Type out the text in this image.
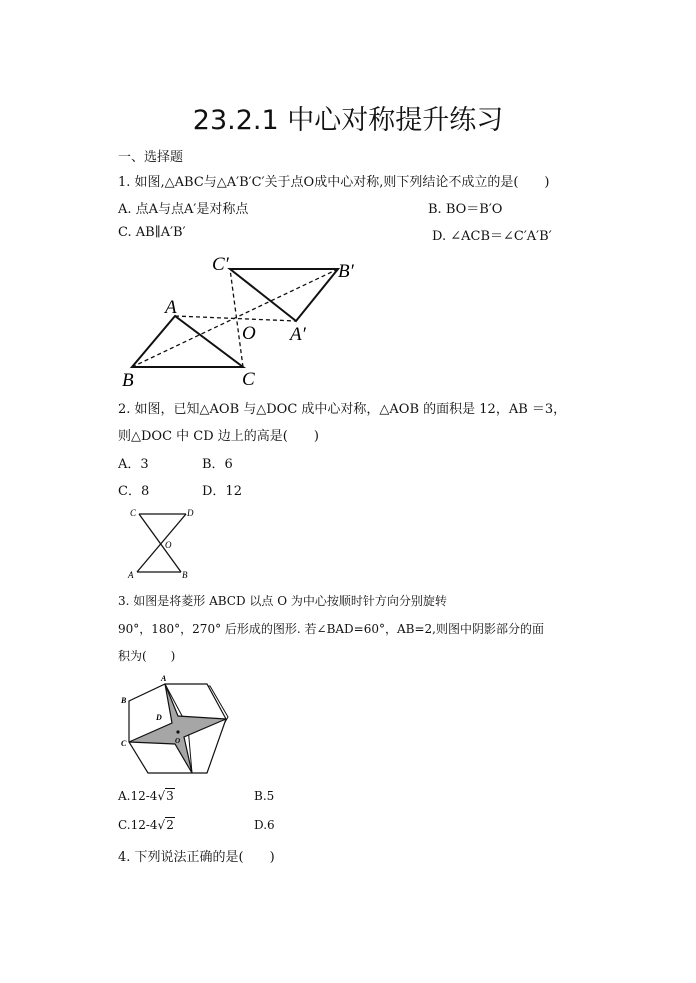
23.2.1 中心对称提升练习
一、选择题
1. 如图,△ABC与△A′B′C′关于点O成中心对称,则下列结论不成立的是(　　)
A. 点A与点A′是对称点	B. BO＝B′O
C. AB∥A′B′	D. ∠ACB＝∠C′A′B′
A
B	C
A′
B′
C′
O
2. 如图，已知△AOB 与△DOC 成中心对称，△AOB 的面积是 12，AB ＝3，
则△DOC 中 CD 边上的高是(　　)
A．3	B．6
C．8	D．12
C	D
O
A	B
3. 如图是将菱形 ABCD 以点 O 为中心按顺时针方向分别旋转
90°，180°，270° 后形成的图形. 若∠BAD=60°，AB=2,则图中阴影部分的面
积为(　　)
A
B
C
D
O
A.12-4√3	B.5
C.12-4√2	D.6
4. 下列说法正确的是(　　)
